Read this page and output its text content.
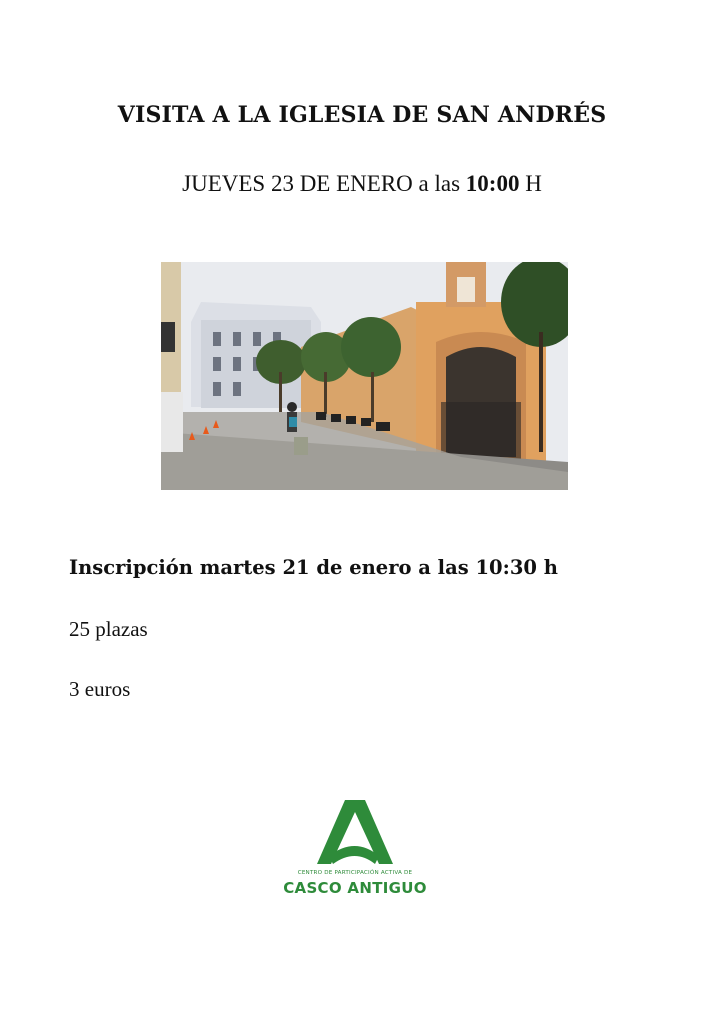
VISITA A LA IGLESIA DE SAN ANDRÉS
JUEVES 23 DE ENERO a las 10:00 H
Inscripción martes 21 de enero a las 10:30 h
25 plazas
3 euros
CENTRO DE PARTICIPACIÓN ACTIVA DE
CASCO ANTIGUO
